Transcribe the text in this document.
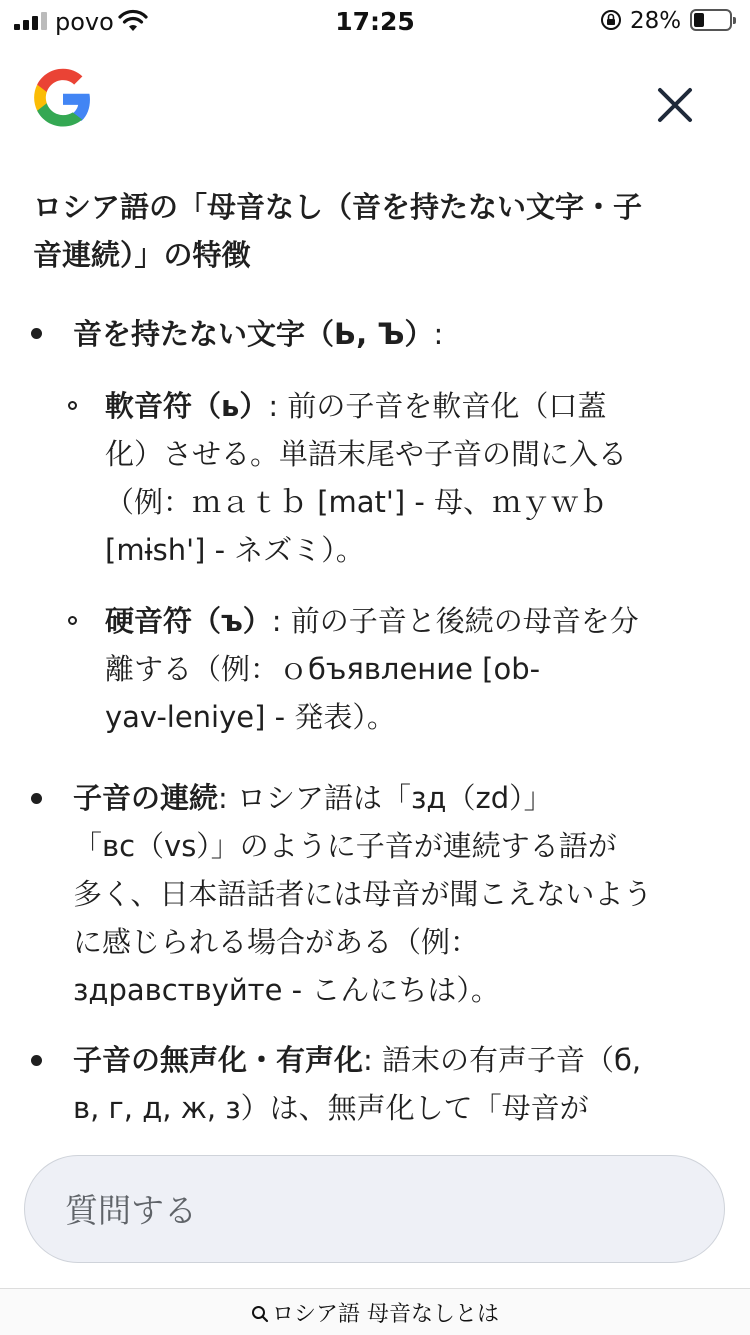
povo	17:25	28%
ロシア語の「母音なし（音を持たない文字・子
音連続）」の特徴
音を持たない文字（Ь, Ъ）:
軟音符（ь）: 前の子音を軟音化（口蓋
化）させる。単語末尾や子音の間に入る
（例：ｍａｔｂ [mat'] - 母、ｍｙｗｂ
[mɨsh'] - ネズミ）。
硬音符（ъ）: 前の子音と後続の母音を分
離する（例：ｏбъявление [ob-
yav-leniye] - 発表）。
子音の連続: ロシア語は「зд（zd）」
「вс（vs）」のように子音が連続する語が
多く、日本語話者には母音が聞こえないよう
に感じられる場合がある（例：
здравствуйте - こんにちは）。
子音の無声化・有声化: 語末の有声子音（б,
в, г, д, ж, з）は、無声化して「母音が
質問する
ロシア語 母音なしとは
